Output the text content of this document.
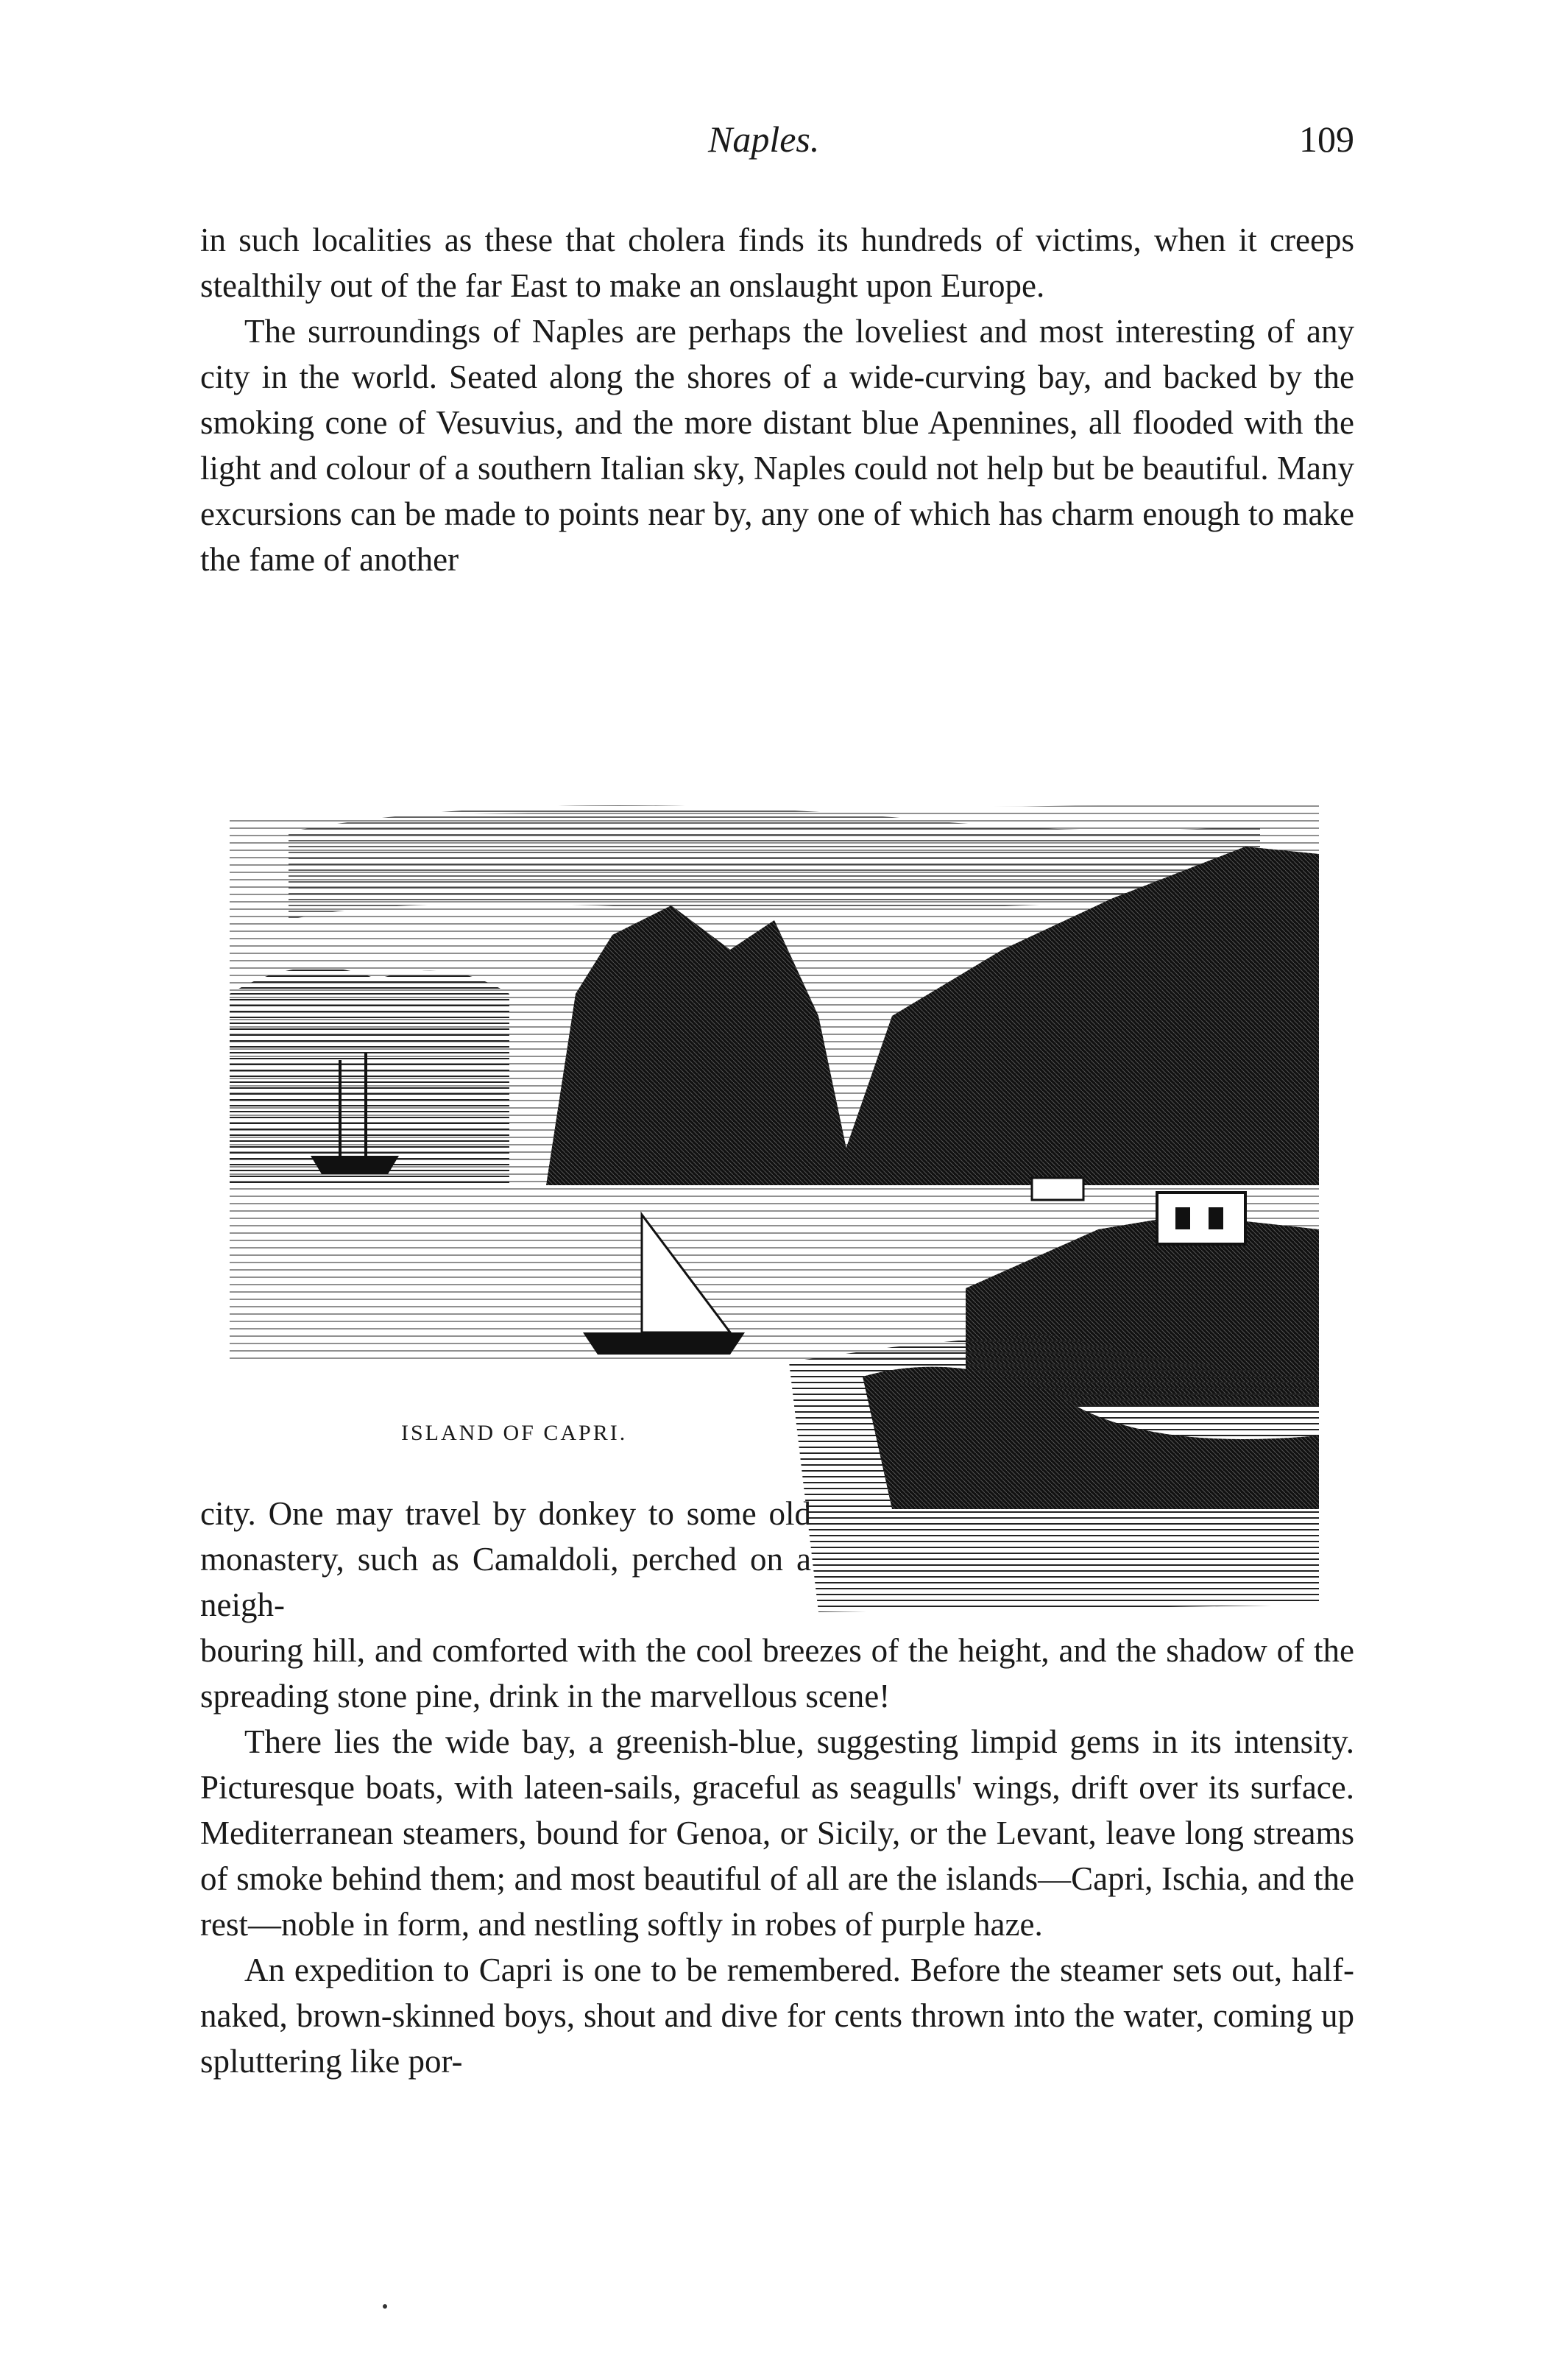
Naples.	109

in such localities as these that cholera finds its hundreds of victims, when it creeps stealthily out of the far East to make an onslaught upon Europe.

The surroundings of Naples are perhaps the loveliest and most interesting of any city in the world. Seated along the shores of a wide-curving bay, and backed by the smoking cone of Vesuvius, and the more distant blue Apennines, all flooded with the light and colour of a southern Italian sky, Naples could not help but be beautiful. Many excursions can be made to points near by, any one of which has charm enough to make the fame of another

ISLAND OF CAPRI.
city. One may travel by donkey to some old monastery, such as Camaldoli, perched on a neigh-

bouring hill, and comforted with the cool breezes of the height, and the shadow of the spreading stone pine, drink in the marvellous scene!

There lies the wide bay, a greenish-blue, suggesting limpid gems in its intensity. Picturesque boats, with lateen-sails, graceful as seagulls' wings, drift over its surface. Mediterranean steamers, bound for Genoa, or Sicily, or the Levant, leave long streams of smoke behind them; and most beautiful of all are the islands—Capri, Ischia, and the rest—noble in form, and nestling softly in robes of purple haze.

An expedition to Capri is one to be remembered. Before the steamer sets out, half-naked, brown-skinned boys, shout and dive for cents thrown into the water, coming up spluttering like por-
